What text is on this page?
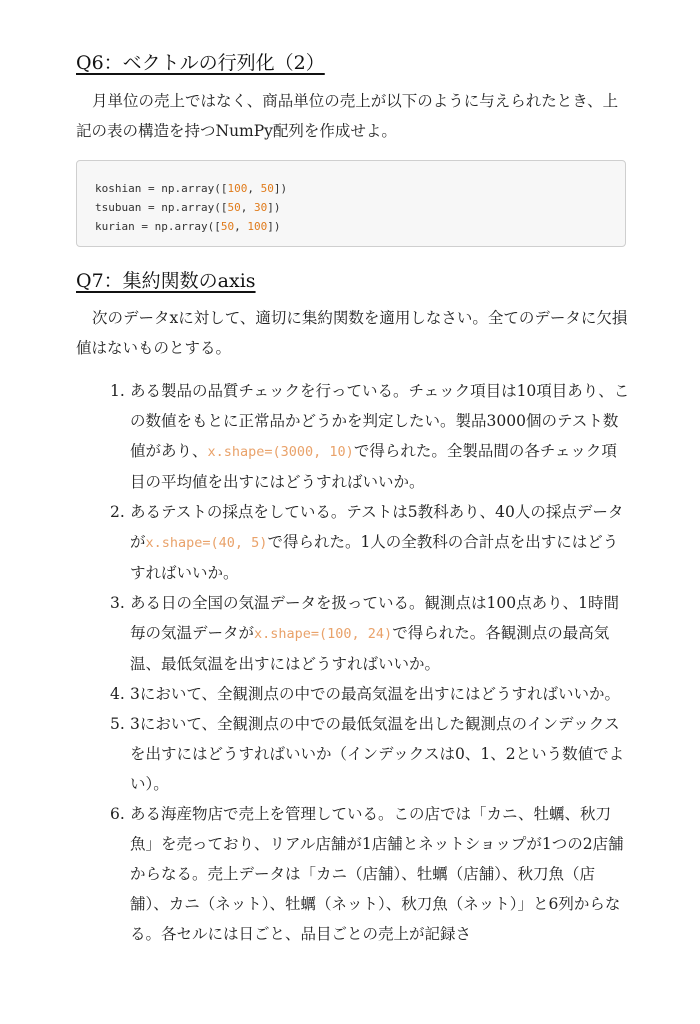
Q6：ベクトルの行列化（2）

月単位の売上ではなく、商品単位の売上が以下のように与えられたとき、上記の表の構造を持つNumPy配列を作成せよ。

koshian = np.array([100, 50])
tsubuan = np.array([50, 30])
kurian = np.array([50, 100])
Q7：集約関数のaxis

次のデータxに対して、適切に集約関数を適用しなさい。全てのデータに欠損値はないものとする。

1. ある製品の品質チェックを行っている。チェック項目は10項目あり、この数値をもとに正常品かどうかを判定したい。製品3000個のテスト数値があり、x.shape=(3000, 10)で得られた。全製品間の各チェック項目の平均値を出すにはどうすればいいか。
2. あるテストの採点をしている。テストは5教科あり、40人の採点データがx.shape=(40, 5)で得られた。1人の全教科の合計点を出すにはどうすればいいか。
3. ある日の全国の気温データを扱っている。観測点は100点あり、1時間毎の気温データがx.shape=(100, 24)で得られた。各観測点の最高気温、最低気温を出すにはどうすればいいか。
4. 3において、全観測点の中での最高気温を出すにはどうすればいいか。
5. 3において、全観測点の中での最低気温を出した観測点のインデックスを出すにはどうすればいいか（インデックスは0、1、2という数値でよい）。
6. ある海産物店で売上を管理している。この店では「カニ、牡蠣、秋刀魚」を売っており、リアル店舗が1店舗とネットショップが1つの2店舗からなる。売上データは「カニ（店舗）、牡蠣（店舗）、秋刀魚（店舗）、カニ（ネット）、牡蠣（ネット）、秋刀魚（ネット）」と6列からなる。各セルには日ごと、品目ごとの売上が記録さ
